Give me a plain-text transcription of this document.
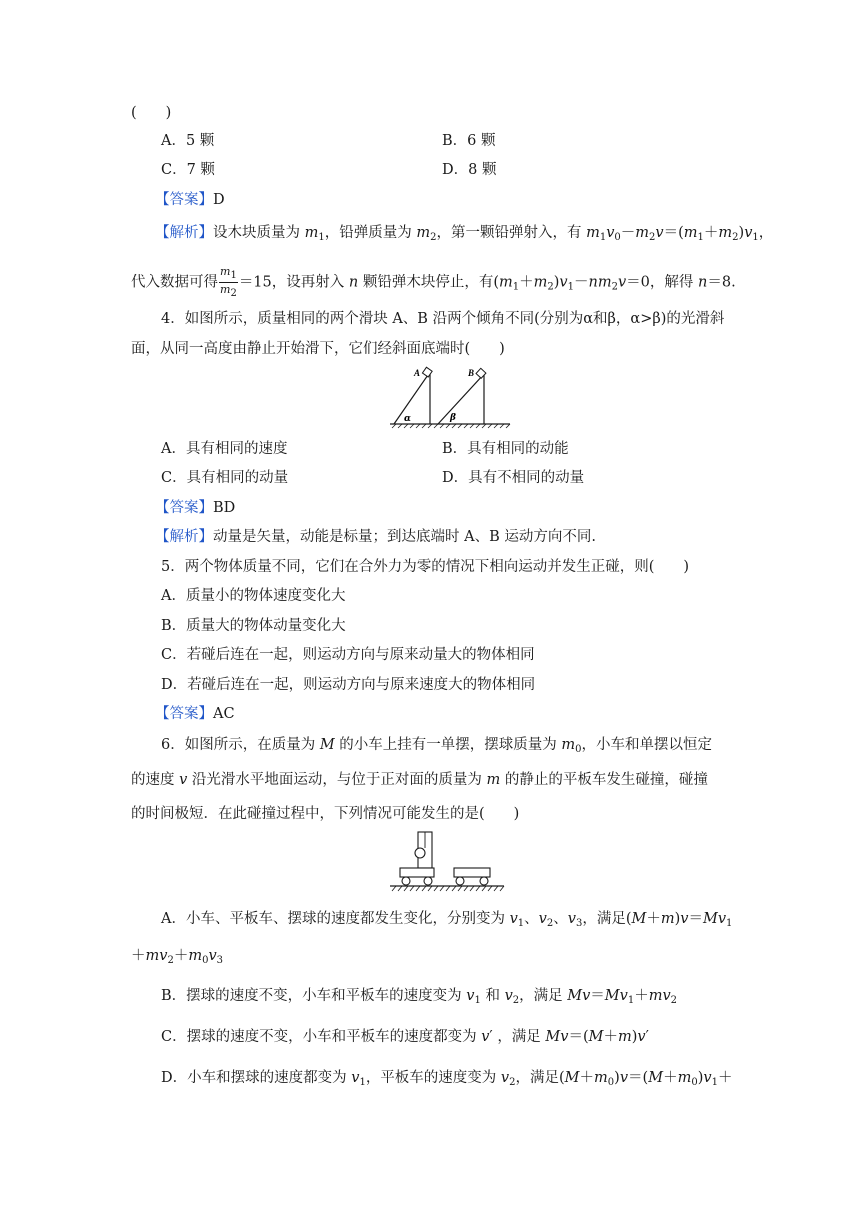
(　　)
A．5 颗	B．6 颗
C．7 颗	D．8 颗
【答案】D
【解析】设木块质量为 $m_1$，铅弹质量为 $m_2$，第一颗铅弹射入，有 $m_1v_0-m_2v=(m_1+m_2)v_1$，
代入数据可得 $\frac{m_1}{m_2} =15$，设再射入 n 颗铅弹木块停止，有$(m_1+m_2)v_1-nm_2v=0$，解得 n＝8.
4．如图所示，质量相同的两个滑块 A、B 沿两个倾角不同(分别为α和β，α>β)的光滑斜
面，从同一高度由静止开始滑下，它们经斜面底端时(　　)
A	B
α	β
A．具有相同的速度	B．具有相同的动能
C．具有相同的动量	D．具有不相同的动量
【答案】BD
【解析】动量是矢量，动能是标量；到达底端时 A、B 运动方向不同.
5．两个物体质量不同，它们在合外力为零的情况下相向运动并发生正碰，则(　　)
A．质量小的物体速度变化大
B．质量大的物体动量变化大
C．若碰后连在一起，则运动方向与原来动量大的物体相同
D．若碰后连在一起，则运动方向与原来速度大的物体相同
【答案】AC
6．如图所示，在质量为 M 的小车上挂有一单摆，摆球质量为 $m_0$，小车和单摆以恒定
的速度 v 沿光滑水平地面运动，与位于正对面的质量为 m 的静止的平板车发生碰撞，碰撞
的时间极短．在此碰撞过程中，下列情况可能发生的是(　　)
A．小车、平板车、摆球的速度都发生变化，分别变为 $v_1$、$v_2$、$v_3$，满足$(M+m)v=Mv_1$
$+mv_2+m_0v_3$
B．摆球的速度不变，小车和平板车的速度变为 $v_1$ 和 $v_2$，满足 $Mv=Mv_1+mv_2$
C．摆球的速度不变，小车和平板车的速度都变为 v′ ，满足 Mv＝(M＋m)v′
D．小车和摆球的速度都变为 $v_1$，平板车的速度变为 $v_2$，满足$(M+m_0)v=(M+m_0)v_1+$
